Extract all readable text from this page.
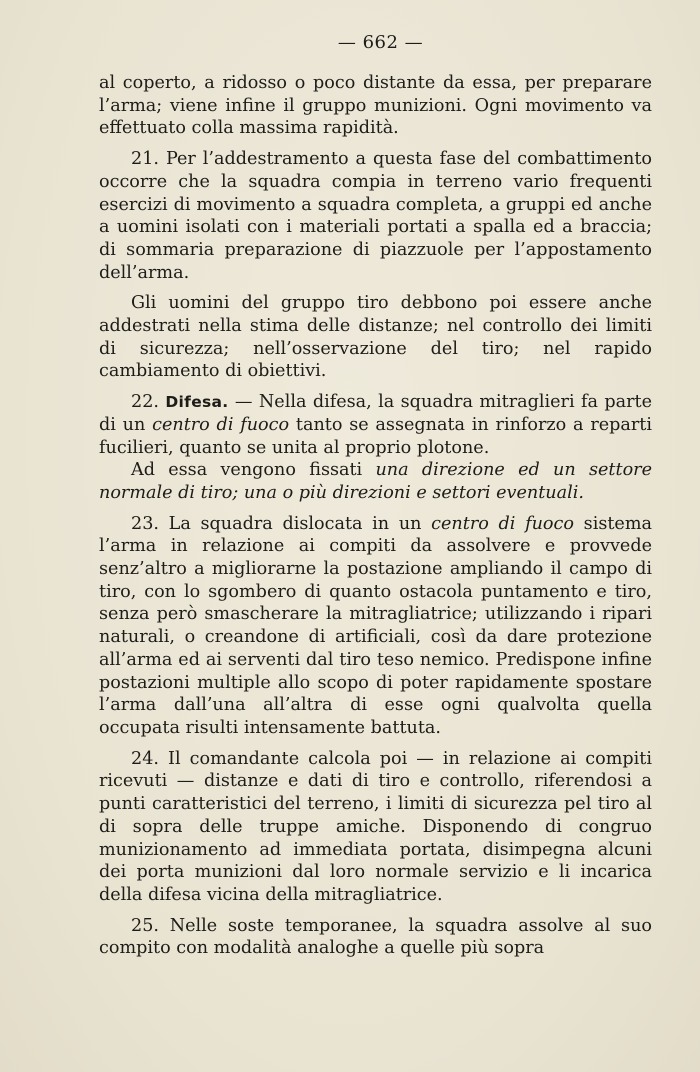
— 662 —

al coperto, a ridosso o poco distante da essa, per preparare l’arma; viene infine il gruppo munizioni. Ogni movimento va effettuato colla massima rapidità.

21. Per l’addestramento a questa fase del combattimento occorre che la squadra compia in terreno vario frequenti esercizi di movimento a squadra completa, a gruppi ed anche a uomini isolati con i materiali portati a spalla ed a braccia; di sommaria preparazione di piazzuole per l’appostamento dell’arma.

Gli uomini del gruppo tiro debbono poi essere anche addestrati nella stima delle distanze; nel controllo dei limiti di sicurezza; nell’osservazione del tiro; nel rapido cambiamento di obiettivi.

22. Difesa. — Nella difesa, la squadra mitraglieri fa parte di un centro di fuoco tanto se assegnata in rinforzo a reparti fucilieri, quanto se unita al proprio plotone.

Ad essa vengono fissati una direzione ed un settore normale di tiro; una o più direzioni e settori eventuali.

23. La squadra dislocata in un centro di fuoco sistema l’arma in relazione ai compiti da assolvere e provvede senz’altro a migliorarne la postazione ampliando il campo di tiro, con lo sgombero di quanto ostacola puntamento e tiro, senza però smascherare la mitragliatrice; utilizzando i ripari naturali, o creandone di artificiali, così da dare protezione all’arma ed ai serventi dal tiro teso nemico. Predispone infine postazioni multiple allo scopo di poter rapidamente spostare l’arma dall’una all’altra di esse ogni qualvolta quella occupata risulti intensamente battuta.

24. Il comandante calcola poi — in relazione ai compiti ricevuti — distanze e dati di tiro e controllo, riferendosi a punti caratteristici del terreno, i limiti di sicurezza pel tiro al di sopra delle truppe amiche. Disponendo di congruo munizionamento ad immediata portata, disimpegna alcuni dei porta munizioni dal loro normale servizio e li incarica della difesa vicina della mitragliatrice.

25. Nelle soste temporanee, la squadra assolve al suo compito con modalità analoghe a quelle più sopra
